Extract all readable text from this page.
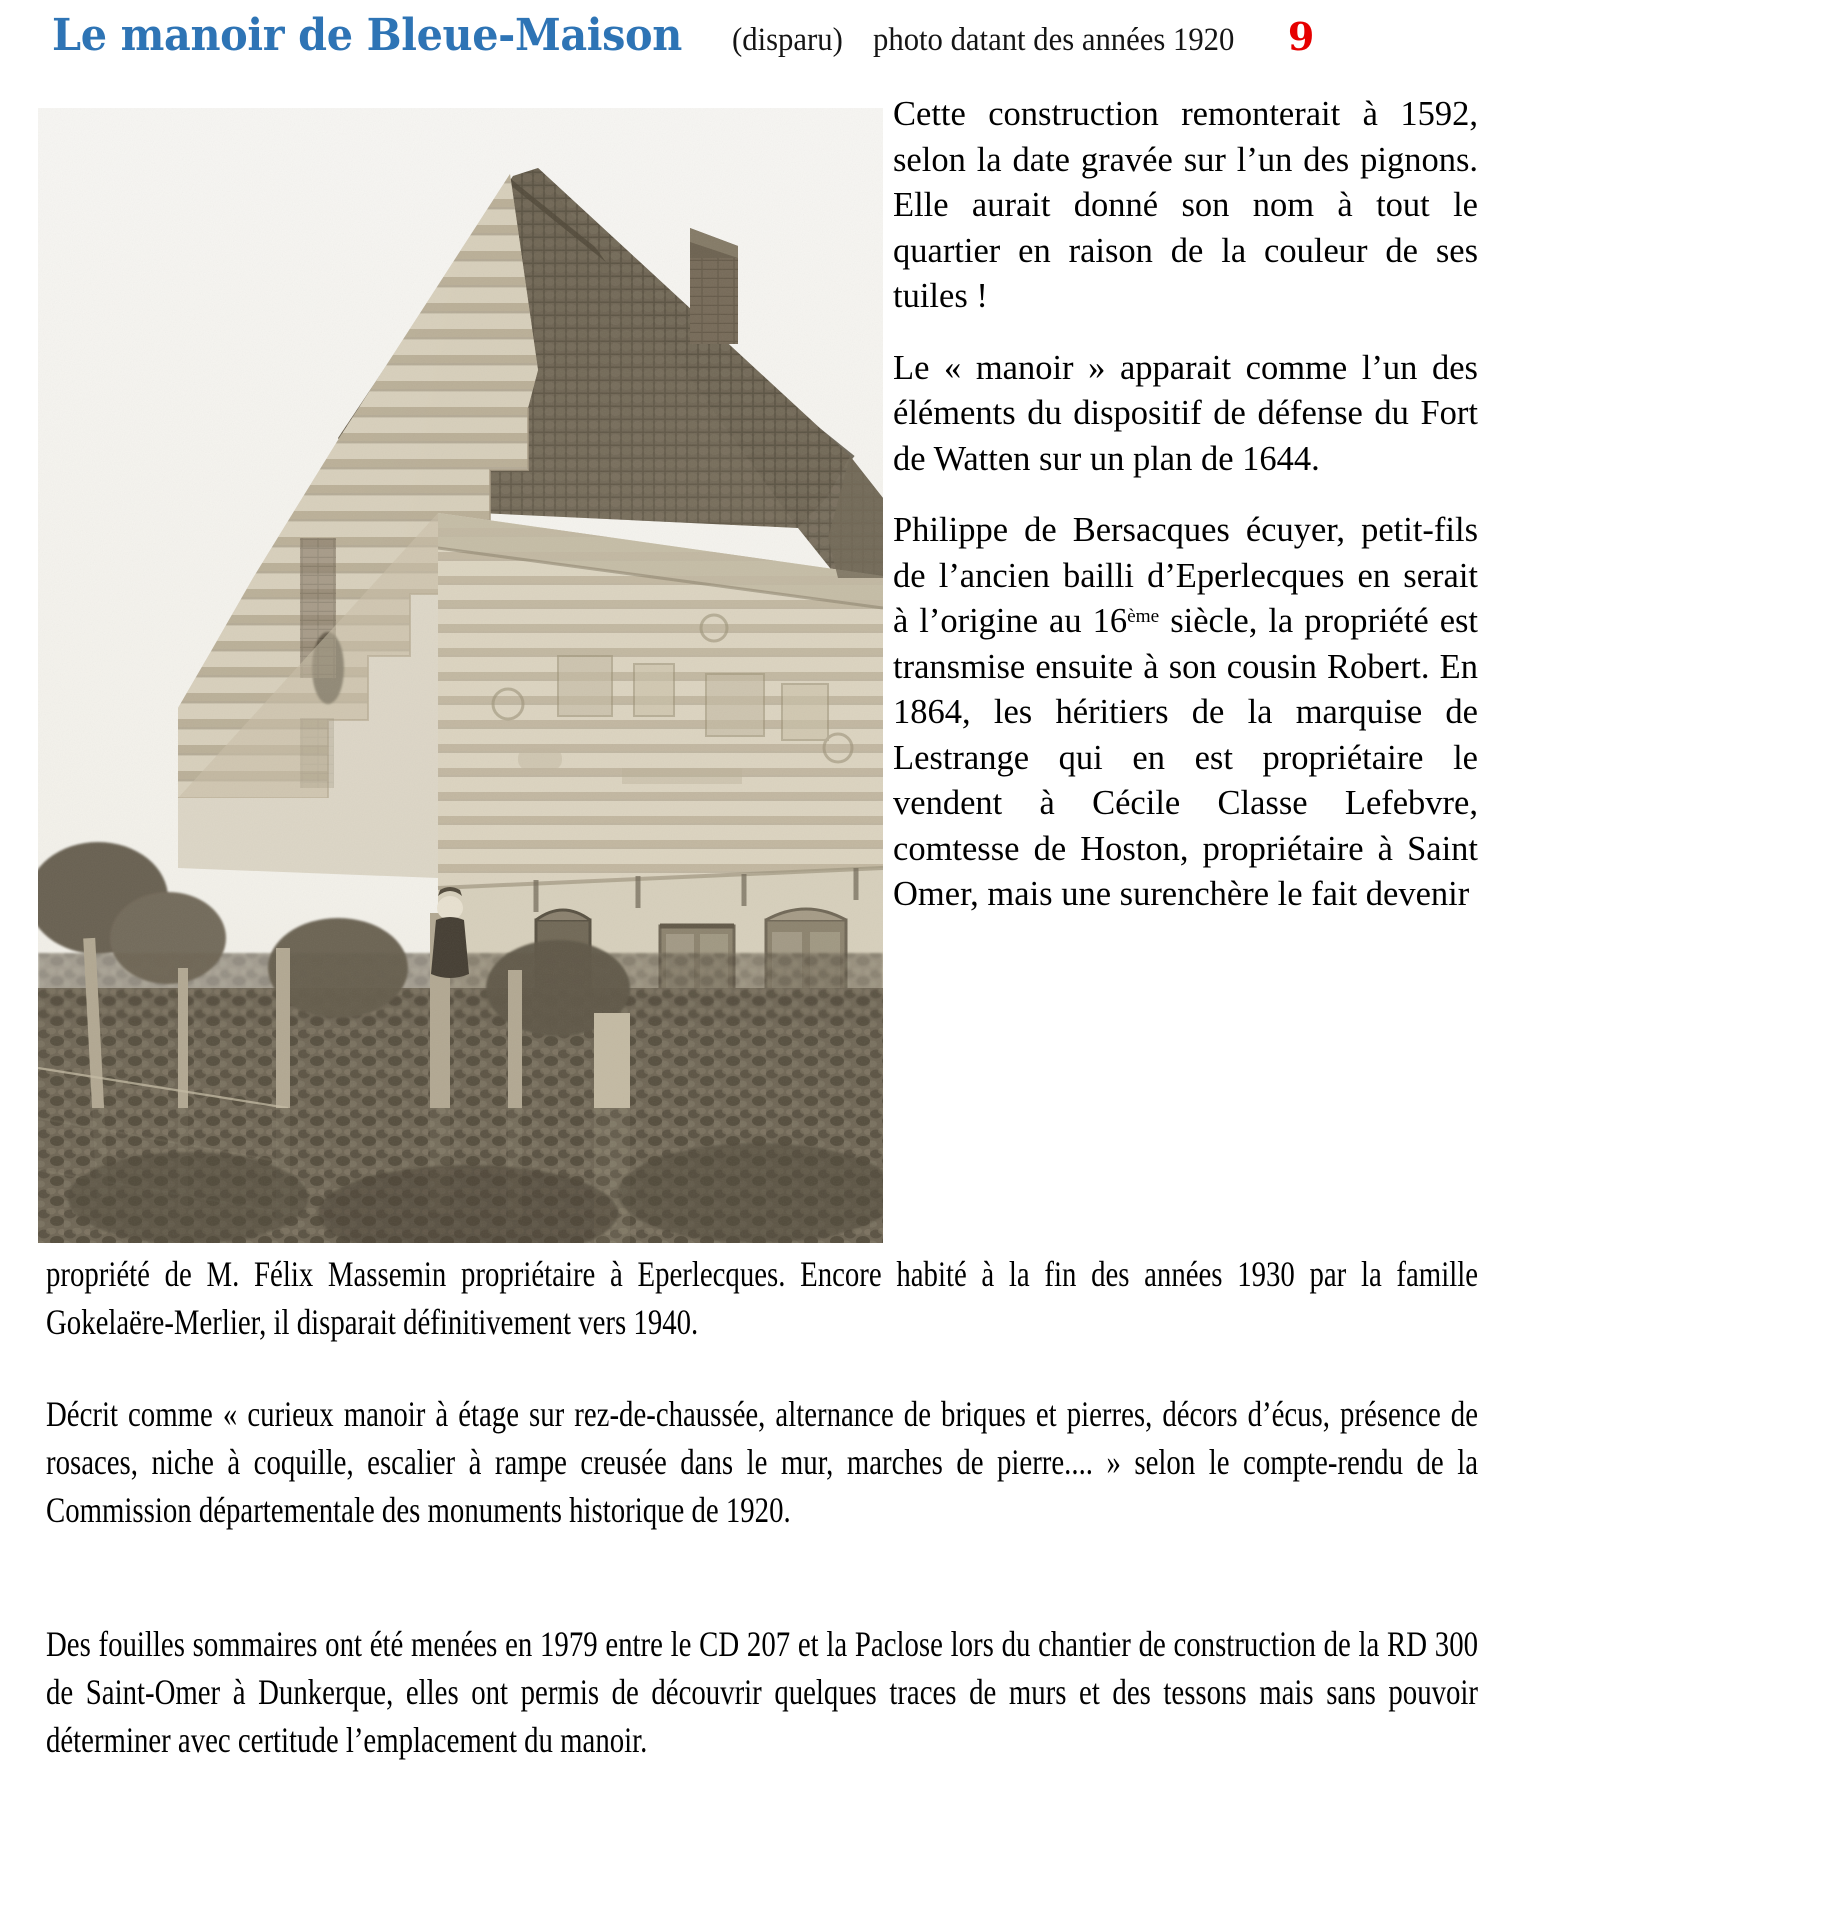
Le manoir de Bleue-Maison (disparu) photo datant des années 1920 9

Cette construction remonterait à 1592, selon la date gravée sur l’un des pignons. Elle aurait donné son nom à tout le quartier en raison de la couleur de ses tuiles !

Le « manoir » apparait comme l’un des éléments du dispositif de défense du Fort de Watten sur un plan de 1644.

Philippe de Bersacques écuyer, petit-fils de l’ancien bailli d’Eperlecques en serait à l’origine au 16ème siècle, la propriété est transmise ensuite à son cousin Robert. En 1864, les héritiers de la marquise de Lestrange qui en est propriétaire le vendent à Cécile Classe Lefebvre, comtesse de Hoston, propriétaire à Saint Omer, mais une surenchère le fait devenir

propriété de M. Félix Massemin propriétaire à Eperlecques. Encore habité à la fin des années 1930 par la famille Gokelaëre-Merlier, il disparait définitivement vers 1940.

Décrit comme « curieux manoir à étage sur rez-de-chaussée, alternance de briques et pierres, décors d’écus, présence de rosaces, niche à coquille, escalier à rampe creusée dans le mur, marches de pierre.... » selon le compte-rendu de la Commission départementale des monuments historique de 1920.

Des fouilles sommaires ont été menées en 1979 entre le CD 207 et la Paclose lors du chantier de construction de la RD 300 de Saint-Omer à Dunkerque, elles ont permis de découvrir quelques traces de murs et des tessons mais sans pouvoir déterminer avec certitude l’emplacement du manoir.
